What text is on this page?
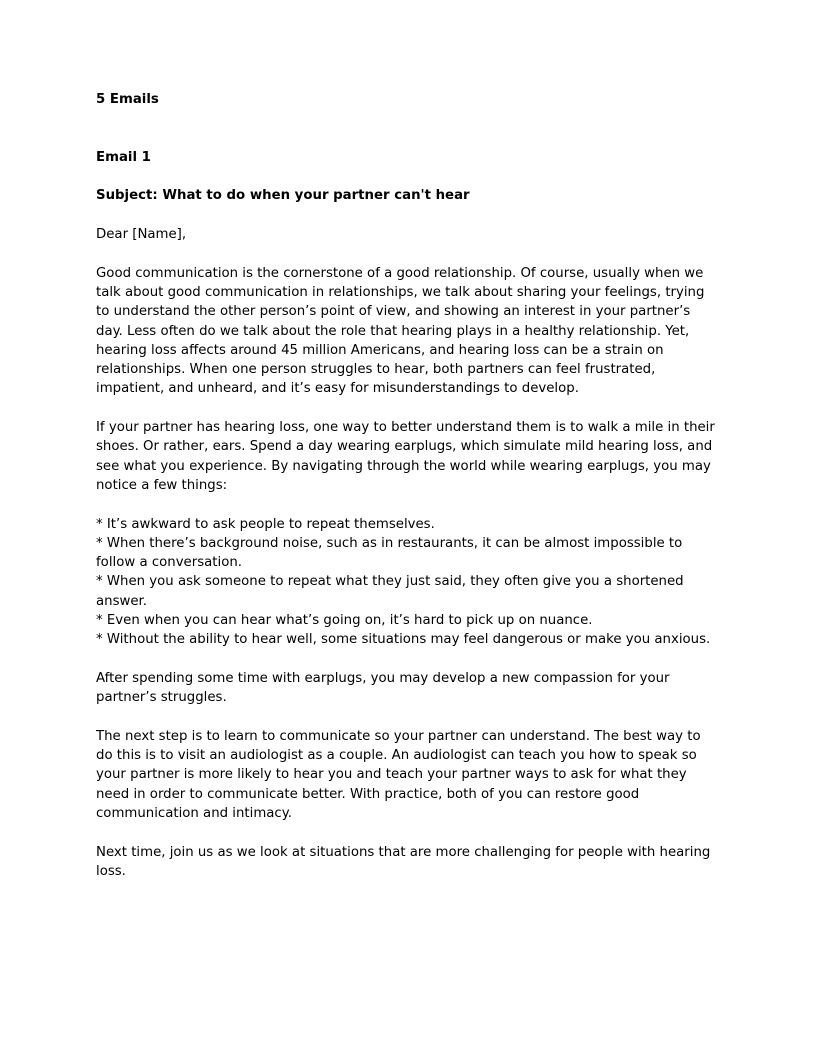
5 Emails

Email 1

Subject: What to do when your partner can't hear

Dear [Name],

Good communication is the cornerstone of a good relationship. Of course, usually when we talk about good communication in relationships, we talk about sharing your feelings, trying to understand the other person’s point of view, and showing an interest in your partner’s day. Less often do we talk about the role that hearing plays in a healthy relationship. Yet, hearing loss affects around 45 million Americans, and hearing loss can be a strain on relationships. When one person struggles to hear, both partners can feel frustrated, impatient, and unheard, and it’s easy for misunderstandings to develop.

If your partner has hearing loss, one way to better understand them is to walk a mile in their shoes. Or rather, ears. Spend a day wearing earplugs, which simulate mild hearing loss, and see what you experience. By navigating through the world while wearing earplugs, you may notice a few things:

* It’s awkward to ask people to repeat themselves.

* When there’s background noise, such as in restaurants, it can be almost impossible to follow a conversation.

* When you ask someone to repeat what they just said, they often give you a shortened answer.

* Even when you can hear what’s going on, it’s hard to pick up on nuance.

* Without the ability to hear well, some situations may feel dangerous or make you anxious.

After spending some time with earplugs, you may develop a new compassion for your partner’s struggles.

The next step is to learn to communicate so your partner can understand. The best way to do this is to visit an audiologist as a couple. An audiologist can teach you how to speak so your partner is more likely to hear you and teach your partner ways to ask for what they need in order to communicate better. With practice, both of you can restore good communication and intimacy.

Next time, join us as we look at situations that are more challenging for people with hearing loss.
